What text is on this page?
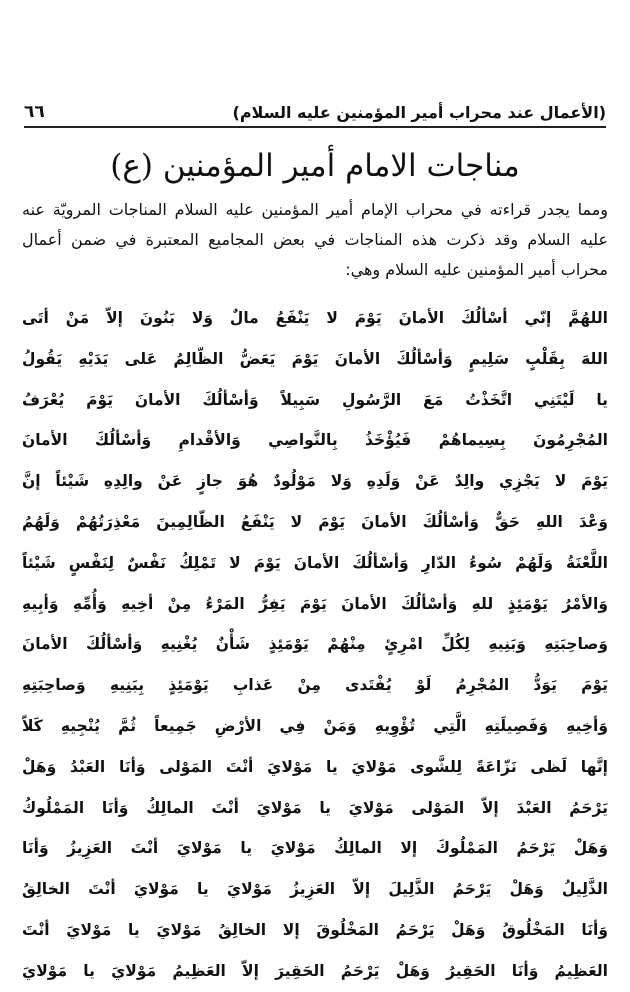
(الأعمال عند محراب أمير المؤمنين عليه السلام)
٦٦
مناجات الامام أمير المؤمنين (ع)

ومما يجدر قراءته في محراب الإمام أمير المؤمنين عليه السلام المناجات المرويّة عنه عليه السلام وقد ذكرت هذه المناجات في بعض المجاميع المعتبرة في ضمن أعمال محراب أمير المؤمنين عليه السلام وهي:

اللهُمَّ إنّي أسْألُكَ الأمانَ يَوْمَ لا يَنْفَعُ مالٌ وَلا بَنُونَ إلاّ مَنْ أتَى
اللهَ بِقَلْبٍ سَلِيمٍ وَأسْألُكَ الأمانَ يَوْمَ يَعَضُّ الظّالِمُ عَلى يَدَيْهِ يَقُولُ
يا لَيْتَنِي اتَّخَذْتُ مَعَ الرَّسُولِ سَبِيلاً وَأسْألُكَ الأمانَ يَوْمَ يُعْرَفُ
المُجْرِمُونَ بِسِيماهُمْ فَيُؤْخَذُ بِالنَّواصِي وَالأقْدامِ وَأسْألُكَ الأمانَ
يَوْمَ لا يَجْزِي والِدٌ عَنْ وَلَدِهِ وَلا مَوْلُودٌ هُوَ جازٍ عَنْ والِدِهِ شَيْئاً إنَّ
وَعْدَ اللهِ حَقٌّ وَأسْألُكَ الأمانَ يَوْمَ لا يَنْفَعُ الظّالِمِينَ مَعْذِرَتُهُمْ وَلَهُمُ
اللَّعْنَةُ وَلَهُمْ سُوءُ الدّارِ وَأسْألُكَ الأمانَ يَوْمَ لا تَمْلِكُ نَفْسٌ لِنَفْسٍ شَيْئاً
وَالأمْرُ يَوْمَئِذٍ للهِ وَأسْألُكَ الأمانَ يَوْمَ يَفِرُّ المَرْءُ مِنْ أخِيهِ وَأُمِّهِ وَأبِيهِ
وَصاحِبَتِهِ وَبَنِيهِ لِكُلِّ امْرِئٍ مِنْهُمْ يَوْمَئِذٍ شَأْنٌ يُغْنِيهِ وَأسْألُكَ الأمانَ
يَوْمَ يَوَدُّ المُجْرِمُ لَوْ يُفْتَدى مِنْ عَذابِ يَوْمَئِذٍ بِبَنِيهِ وَصاحِبَتِهِ
وَأخِيهِ وَفَصِيلَتِهِ الَّتِي تُؤْوِيهِ وَمَنْ فِي الأرْضِ جَمِيعاً ثُمَّ يُنْجِيهِ كَلاّ
إنَّها لَظى نَزّاعَةً لِلشَّوى مَوْلايَ يا مَوْلايَ أنْتَ المَوْلى وَأنَا العَبْدُ وَهَلْ
يَرْحَمُ العَبْدَ إلاّ المَوْلى مَوْلايَ يا مَوْلايَ أنْتَ المالِكُ وَأنَا المَمْلُوكُ
وَهَلْ يَرْحَمُ المَمْلُوكَ إلا المالِكُ مَوْلايَ يا مَوْلايَ أنْتَ العَزِيزُ وَأنَا
الذَّلِيلُ وَهَلْ يَرْحَمُ الذَّلِيلَ إلاّ العَزِيزُ مَوْلايَ يا مَوْلايَ أنْتَ الخالِقُ
وَأنَا المَخْلُوقُ وَهَلْ يَرْحَمُ المَخْلُوقَ إلا الخالِقُ مَوْلايَ يا مَوْلايَ أنْتَ
العَظِيمُ وَأنَا الحَقِيرُ وَهَلْ يَرْحَمُ الحَقِيرَ إلاّ العَظِيمُ مَوْلايَ يا مَوْلايَ
